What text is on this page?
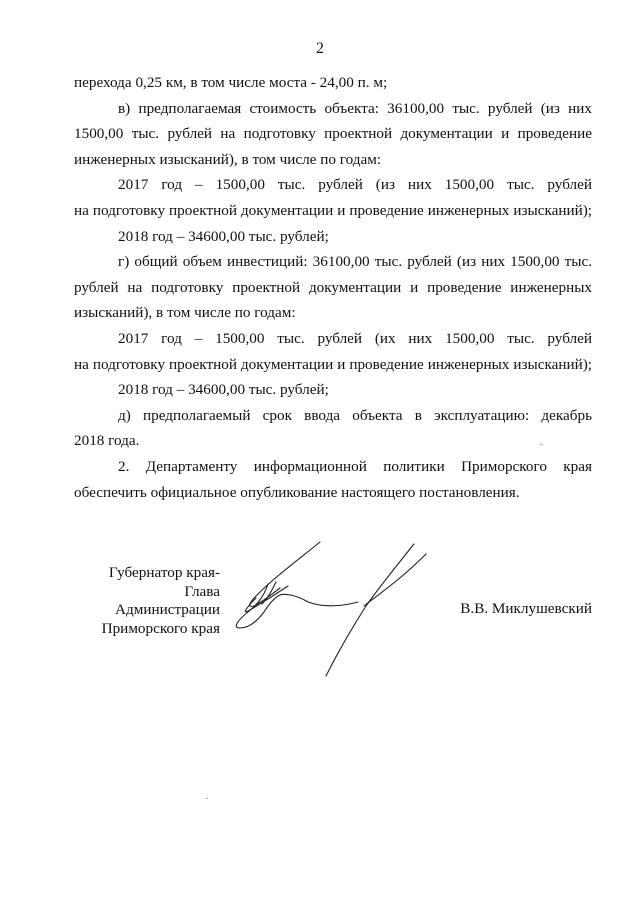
2
перехода 0,25 км, в том числе моста - 24,00 п. м;
в) предполагаемая стоимость объекта: 36100,00 тыс. рублей (из них
1500,00 тыс. рублей на подготовку проектной документации и проведение
инженерных изысканий), в том числе по годам:
2017 год – 1500,00 тыс. рублей (из них 1500,00 тыс. рублей
на подготовку проектной документации и проведение инженерных изысканий);
2018 год – 34600,00 тыс. рублей;
г) общий объем инвестиций: 36100,00 тыс. рублей (из них 1500,00 тыс.
рублей на подготовку проектной документации и проведение инженерных
изысканий), в том числе по годам:
2017 год – 1500,00 тыс. рублей (их них 1500,00 тыс. рублей
на подготовку проектной документации и проведение инженерных изысканий);
2018 год – 34600,00 тыс. рублей;
д) предполагаемый срок ввода объекта в эксплуатацию: декабрь
2018 года.
2. Департаменту информационной политики Приморского края
обеспечить официальное опубликование настоящего постановления.
Губернатор края-
Глава Администрации
Приморского края
В.В. Миклушевский
